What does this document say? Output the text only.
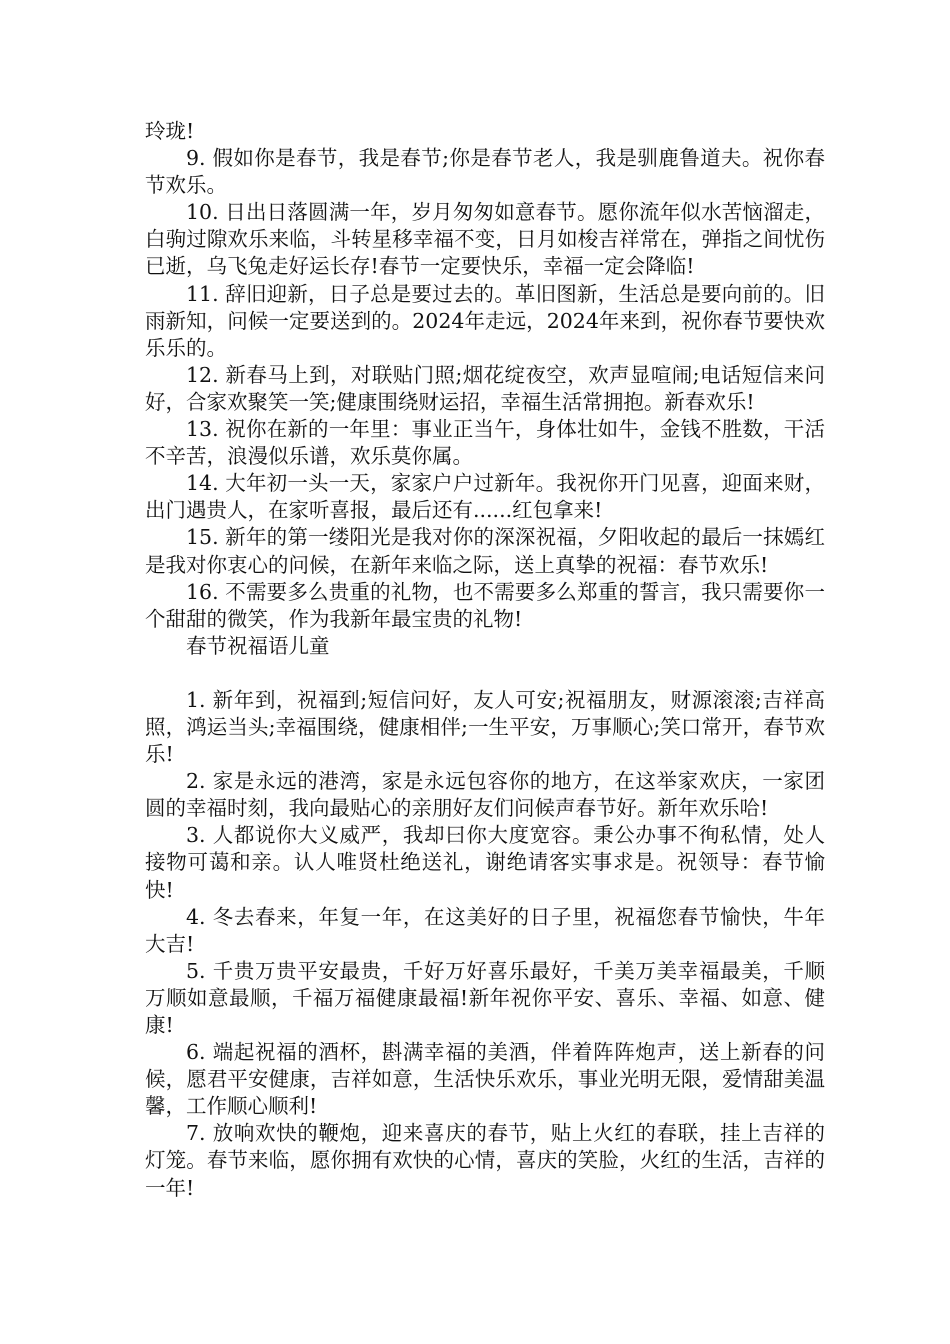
玲珑!

9. 假如你是春节，我是春节;你是春节老人，我是驯鹿鲁道夫。祝你春节欢乐。

10. 日出日落圆满一年，岁月匆匆如意春节。愿你流年似水苦恼溜走，白驹过隙欢乐来临，斗转星移幸福不变，日月如梭吉祥常在，弹指之间忧伤已逝，乌飞兔走好运长存!春节一定要快乐，幸福一定会降临!

11. 辞旧迎新，日子总是要过去的。革旧图新，生活总是要向前的。旧雨新知，问候一定要送到的。2024年走远，2024年来到，祝你春节要快欢乐乐的。

12. 新春马上到，对联贴门照;烟花绽夜空，欢声显喧闹;电话短信来问好，合家欢聚笑一笑;健康围绕财运招，幸福生活常拥抱。新春欢乐!

13. 祝你在新的一年里：事业正当午，身体壮如牛，金钱不胜数，干活不辛苦，浪漫似乐谱，欢乐莫你属。

14. 大年初一头一天，家家户户过新年。我祝你开门见喜，迎面来财，出门遇贵人，在家听喜报，最后还有......红包拿来!

15. 新年的第一缕阳光是我对你的深深祝福，夕阳收起的最后一抹嫣红是我对你衷心的问候，在新年来临之际，送上真挚的祝福：春节欢乐!

16. 不需要多么贵重的礼物，也不需要多么郑重的誓言，我只需要你一个甜甜的微笑，作为我新年最宝贵的礼物!

春节祝福语儿童

1. 新年到，祝福到;短信问好，友人可安;祝福朋友，财源滚滚;吉祥高照，鸿运当头;幸福围绕，健康相伴;一生平安，万事顺心;笑口常开，春节欢乐!

2. 家是永远的港湾，家是永远包容你的地方，在这举家欢庆，一家团圆的幸福时刻，我向最贴心的亲朋好友们问候声春节好。新年欢乐哈!

3. 人都说你大义威严，我却曰你大度宽容。秉公办事不徇私情，处人接物可蔼和亲。认人唯贤杜绝送礼，谢绝请客实事求是。祝领导：春节愉快!

4. 冬去春来，年复一年，在这美好的日子里，祝福您春节愉快，牛年大吉!

5. 千贵万贵平安最贵，千好万好喜乐最好，千美万美幸福最美，千顺万顺如意最顺，千福万福健康最福!新年祝你平安、喜乐、幸福、如意、健康!

6. 端起祝福的酒杯，斟满幸福的美酒，伴着阵阵炮声，送上新春的问候，愿君平安健康，吉祥如意，生活快乐欢乐，事业光明无限，爱情甜美温馨，工作顺心顺利!

7. 放响欢快的鞭炮，迎来喜庆的春节，贴上火红的春联，挂上吉祥的灯笼。春节来临，愿你拥有欢快的心情，喜庆的笑脸，火红的生活，吉祥的一年!
